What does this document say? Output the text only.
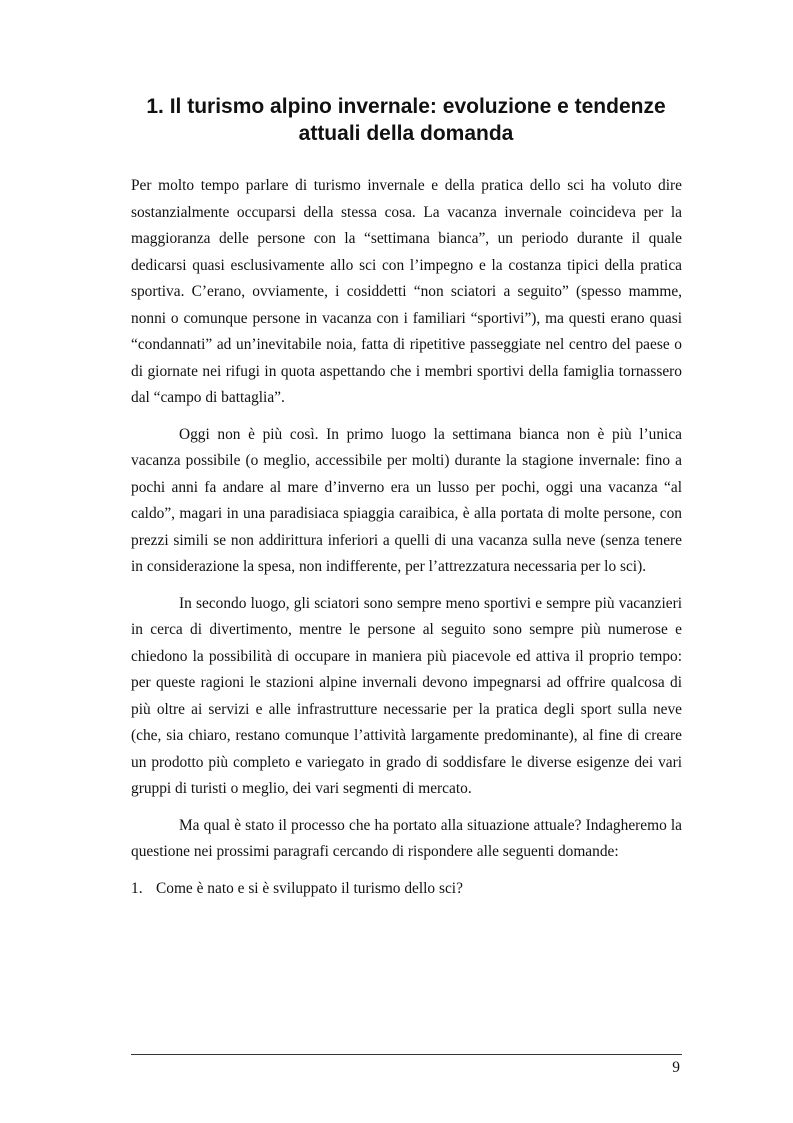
1. Il turismo alpino invernale: evoluzione e tendenze
attuali della domanda

Per molto tempo parlare di turismo invernale e della pratica dello sci ha voluto dire sostanzialmente occuparsi della stessa cosa. La vacanza invernale coincideva per la maggioranza delle persone con la “settimana bianca”, un periodo durante il quale dedicarsi quasi esclusivamente allo sci con l’impegno e la costanza tipici della pratica sportiva. C’erano, ovviamente, i cosiddetti “non sciatori a seguito” (spesso mamme, nonni o comunque persone in vacanza con i familiari “sportivi”), ma questi erano quasi “condannati” ad un’inevitabile noia, fatta di ripetitive passeggiate nel centro del paese o di giornate nei rifugi in quota aspettando che i membri sportivi della famiglia tornassero dal “campo di battaglia”.

Oggi non è più così. In primo luogo la settimana bianca non è più l’unica vacanza possibile (o meglio, accessibile per molti) durante la stagione invernale: fino a pochi anni fa andare al mare d’inverno era un lusso per pochi, oggi una vacanza “al caldo”, magari in una paradisiaca spiaggia caraibica, è alla portata di molte persone, con prezzi simili se non addirittura inferiori a quelli di una vacanza sulla neve (senza tenere in considerazione la spesa, non indifferente, per l’attrezzatura necessaria per lo sci).

In secondo luogo, gli sciatori sono sempre meno sportivi e sempre più vacanzieri in cerca di divertimento, mentre le persone al seguito sono sempre più numerose e chiedono la possibilità di occupare in maniera più piacevole ed attiva il proprio tempo: per queste ragioni le stazioni alpine invernali devono impegnarsi ad offrire qualcosa di più oltre ai servizi e alle infrastrutture necessarie per la pratica degli sport sulla neve (che, sia chiaro, restano comunque l’attività largamente predominante), al fine di creare un prodotto più completo e variegato in grado di soddisfare le diverse esigenze dei vari gruppi di turisti o meglio, dei vari segmenti di mercato.

Ma qual è stato il processo che ha portato alla situazione attuale? Indagheremo la questione nei prossimi paragrafi cercando di rispondere alle seguenti domande:

1. Come è nato e si è sviluppato il turismo dello sci?
9
